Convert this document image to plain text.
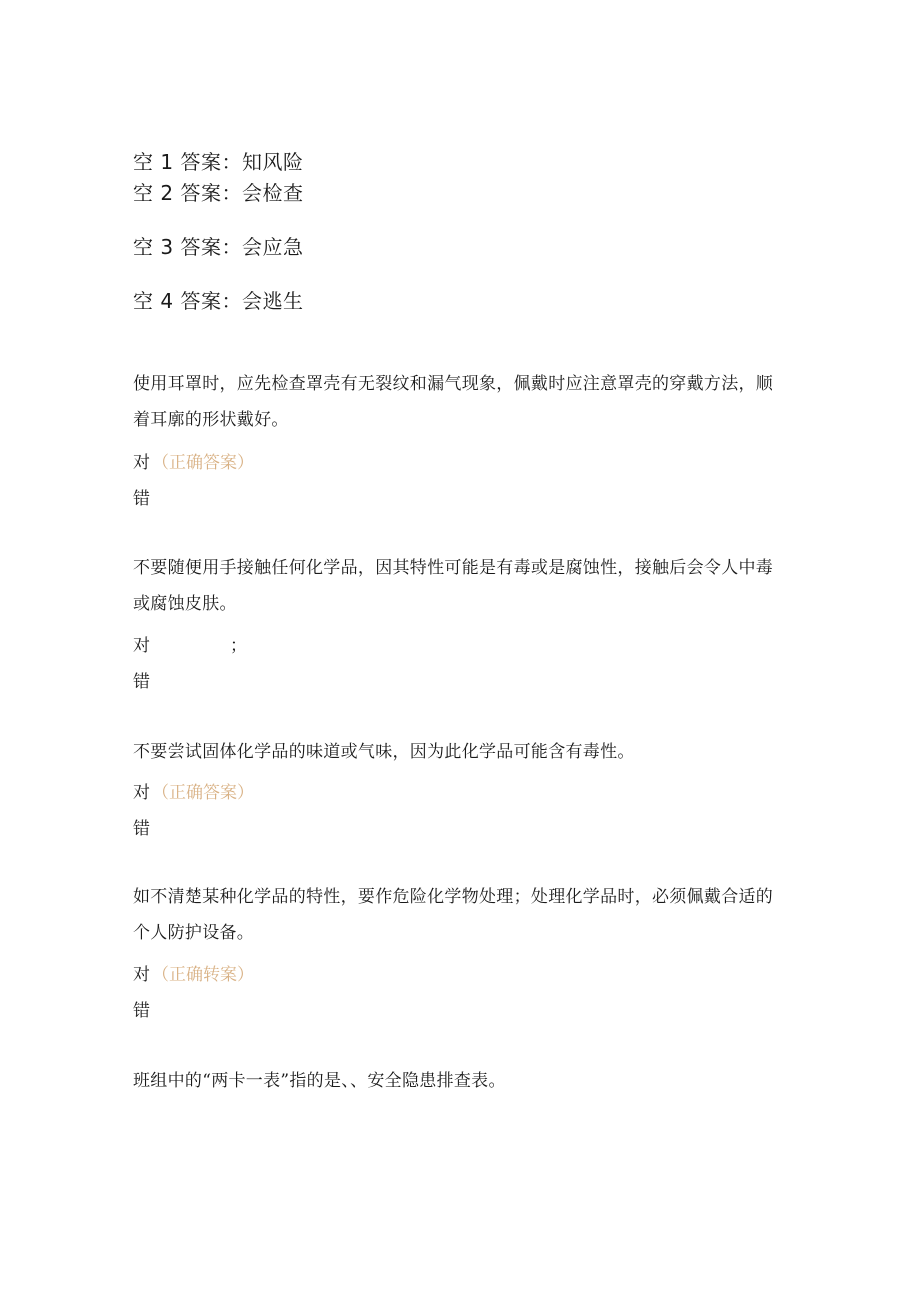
空 1 答案：知风险
空 2 答案：会检查
空 3 答案：会应急
空 4 答案：会逃生
使用耳罩时，应先检查罩壳有无裂纹和漏气现象，佩戴时应注意罩壳的穿戴方法，顺着耳廓的形状戴好。
对 （正确答案）
错
不要随便用手接触任何化学品，因其特性可能是有毒或是腐蚀性，接触后会令人中毒或腐蚀皮肤。
对	；
错
不要尝试固体化学品的味道或气味，因为此化学品可能含有毒性。
对 （正确答案）
错
如不清楚某种化学品的特性，要作危险化学物处理；处理化学品时，必须佩戴合适的个人防护设备。
对 （正确转案）
错
班组中的“两卡一表”指的是、、安全隐患排查表。
